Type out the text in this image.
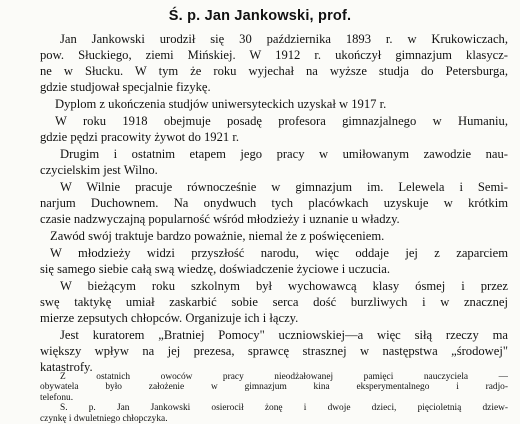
Ś. p. Jan Jankowski, prof.
Jan Jankowski urodził się 30 października 1893 r. w Krukowiczach,
pow. Słuckiego, ziemi Mińskiej. W 1912 r. ukończył gimnazjum klasycz-
ne w Słucku. W tym że roku wyjechał na wyższe studja do Petersburga,
gdzie studjował specjalnie fizykę.
Dyplom z ukończenia studjów uniwersyteckich uzyskał w 1917 r.
W roku 1918 obejmuje posadę profesora gimnazjalnego w Humaniu,
gdzie pędzi pracowity żywot do 1921 r.
Drugim i ostatnim etapem jego pracy w umiłowanym zawodzie nau-
czycielskim jest Wilno.
W Wilnie pracuje równocześnie w gimnazjum im. Lelewela i Semi-
narjum Duchownem. Na onydwuch tych placówkach uzyskuje w krótkim
czasie nadzwyczajną popularność wśród młodzieży i uznanie u władzy.
Zawód swój traktuje bardzo poważnie, niemal że z poświęceniem.
W młodzieży widzi przyszłość narodu, więc oddaje jej z zaparciem
się samego siebie całą swą wiedzę, doświadczenie życiowe i uczucia.
W bieżącym roku szkolnym był wychowawcą klasy ósmej i przez
swę taktykę umiał zaskarbić sobie serca dość burzliwych i w znacznej
mierze zepsutych chłopców. Organizuje ich i łączy.
Jest kuratorem „Bratniej Pomocy" uczniowskiej—a więc siłą rzeczy ma
większy wpływ na jej prezesa, sprawcę strasznej w następstwa „środowej"
katastrofy.
Z ostatnich owoców pracy nieodżałowanej pamięci nauczyciela —
obywatela było założenie w gimnazjum kina eksperymentalnego i radjo-
telefonu.
Ś. p. Jan Jankowski osierocił żonę i dwoje dzieci, pięcioletnią dziew-
czynkę i dwuletniego chłopczyka.
